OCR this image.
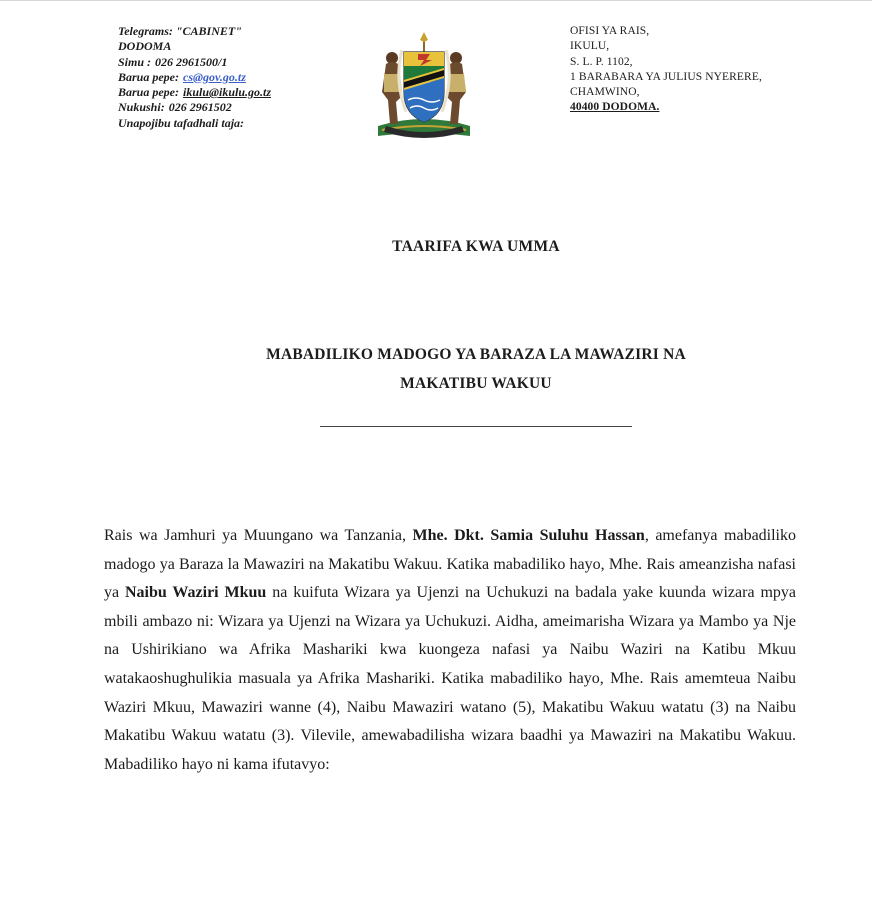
Telegrams: "CABINET"
DODOMA
Simu : 026 2961500/1
Barua pepe: cs@gov.go.tz
Barua pepe: ikulu@ikulu.go.tz
Nukushi: 026 2961502
Unapojibu tafadhali taja:
OFISI YA RAIS,
IKULU,
S. L. P. 1102,
1 BARABARA YA JULIUS NYERERE,
CHAMWINO,
40400 DODOMA.
TAARIFA KWA UMMA
MABADILIKO MADOGO YA BARAZA LA MAWAZIRI NA
MAKATIBU WAKUU
Rais wa Jamhuri ya Muungano wa Tanzania, Mhe. Dkt. Samia Suluhu Hassan, amefanya mabadiliko madogo ya Baraza la Mawaziri na Makatibu Wakuu. Katika mabadiliko hayo, Mhe. Rais ameanzisha nafasi ya Naibu Waziri Mkuu na kuifuta Wizara ya Ujenzi na Uchukuzi na badala yake kuunda wizara mpya mbili ambazo ni: Wizara ya Ujenzi na Wizara ya Uchukuzi. Aidha, ameimarisha Wizara ya Mambo ya Nje na Ushirikiano wa Afrika Mashariki kwa kuongeza nafasi ya Naibu Waziri na Katibu Mkuu watakaoshughulikia masuala ya Afrika Mashariki. Katika mabadiliko hayo, Mhe. Rais amemteua Naibu Waziri Mkuu, Mawaziri wanne (4), Naibu Mawaziri watano (5), Makatibu Wakuu watatu (3) na Naibu Makatibu Wakuu watatu (3). Vilevile, amewabadilisha wizara baadhi ya Mawaziri na Makatibu Wakuu. Mabadiliko hayo ni kama ifutavyo:
